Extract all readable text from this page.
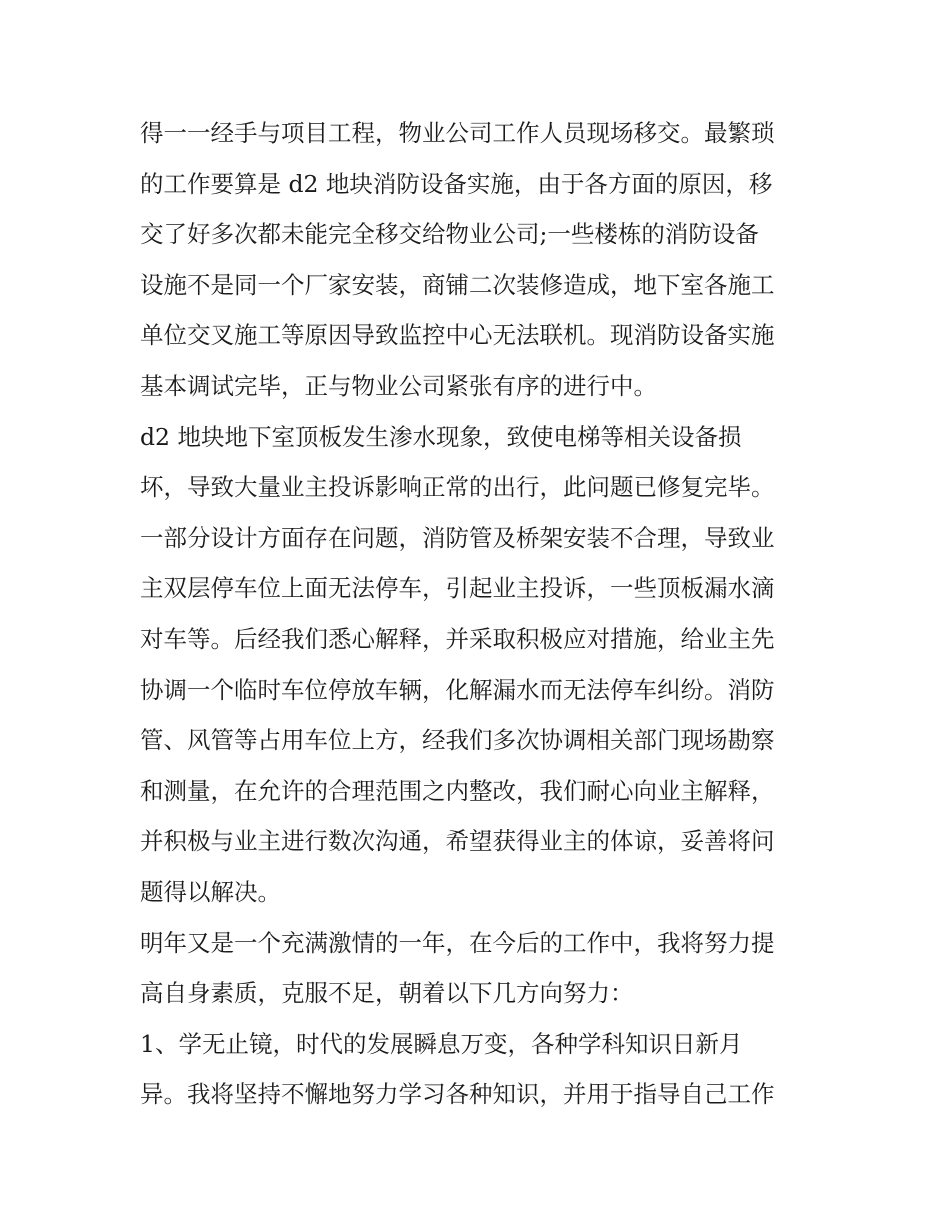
得一一经手与项目工程，物业公司工作人员现场移交。最繁琐
的工作要算是 d2 地块消防设备实施，由于各方面的原因，移
交了好多次都未能完全移交给物业公司;一些楼栋的消防设备
设施不是同一个厂家安装，商铺二次装修造成，地下室各施工
单位交叉施工等原因导致监控中心无法联机。现消防设备实施
基本调试完毕，正与物业公司紧张有序的进行中。
d2 地块地下室顶板发生渗水现象，致使电梯等相关设备损
坏，导致大量业主投诉影响正常的出行，此问题已修复完毕。
一部分设计方面存在问题，消防管及桥架安装不合理，导致业
主双层停车位上面无法停车，引起业主投诉，一些顶板漏水滴
对车等。后经我们悉心解释，并采取积极应对措施，给业主先
协调一个临时车位停放车辆，化解漏水而无法停车纠纷。消防
管、风管等占用车位上方，经我们多次协调相关部门现场勘察
和测量，在允许的合理范围之内整改，我们耐心向业主解释，
并积极与业主进行数次沟通，希望获得业主的体谅，妥善将问
题得以解决。
明年又是一个充满激情的一年，在今后的工作中，我将努力提
高自身素质，克服不足，朝着以下几方向努力：
1、学无止镜，时代的发展瞬息万变，各种学科知识日新月
异。我将坚持不懈地努力学习各种知识，并用于指导自己工作
